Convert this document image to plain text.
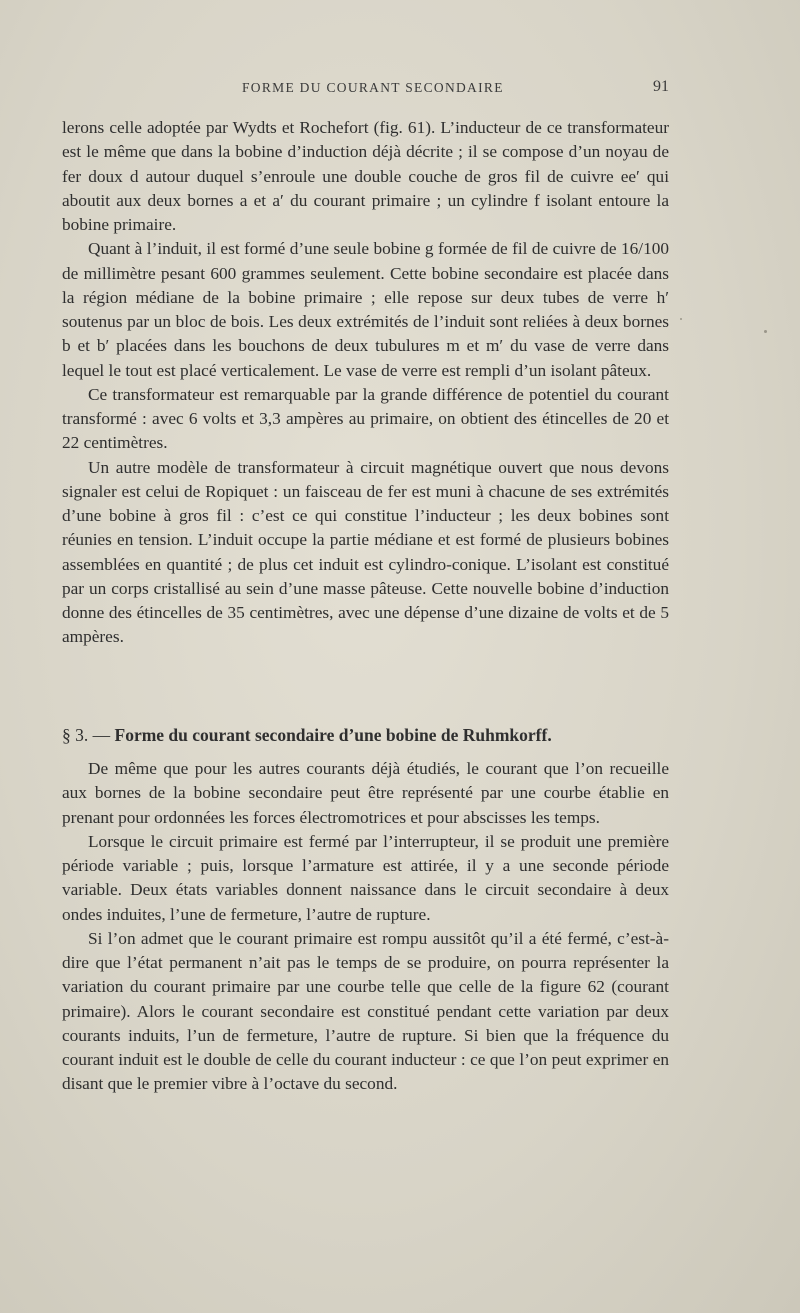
FORME DU COURANT SECONDAIRE	91

lerons celle adoptée par Wydts et Rochefort (fig. 61). L’inducteur de ce transformateur est le même que dans la bobine d’induction déjà décrite ; il se compose d’un noyau de fer doux d autour duquel s’enroule une double couche de gros fil de cuivre ee′ qui aboutit aux deux bornes a et a′ du courant primaire ; un cylindre f isolant entoure la bobine primaire.

Quant à l’induit, il est formé d’une seule bobine g formée de fil de cuivre de 16/100 de millimètre pesant 600 grammes seulement. Cette bobine secondaire est placée dans la région médiane de la bobine primaire ; elle repose sur deux tubes de verre h′ soutenus par un bloc de bois. Les deux extrémités de l’induit sont reliées à deux bornes b et b′ placées dans les bouchons de deux tubulures m et m′ du vase de verre dans lequel le tout est placé verticalement. Le vase de verre est rempli d’un isolant pâteux.

Ce transformateur est remarquable par la grande différence de potentiel du courant transformé : avec 6 volts et 3,3 ampères au primaire, on obtient des étincelles de 20 et 22 centimètres.

Un autre modèle de transformateur à circuit magnétique ouvert que nous devons signaler est celui de Ropiquet : un faisceau de fer est muni à chacune de ses extrémités d’une bobine à gros fil : c’est ce qui constitue l’inducteur ; les deux bobines sont réunies en tension. L’induit occupe la partie médiane et est formé de plusieurs bobines assemblées en quantité ; de plus cet induit est cylindro-conique. L’isolant est constitué par un corps cristallisé au sein d’une masse pâteuse. Cette nouvelle bobine d’induction donne des étincelles de 35 centimètres, avec une dépense d’une dizaine de volts et de 5 ampères.

§ 3. — Forme du courant secondaire d’une bobine de Ruhmkorff.

De même que pour les autres courants déjà étudiés, le courant que l’on recueille aux bornes de la bobine secondaire peut être représenté par une courbe établie en prenant pour ordonnées les forces électromotrices et pour abscisses les temps.

Lorsque le circuit primaire est fermé par l’interrupteur, il se produit une première période variable ; puis, lorsque l’armature est attirée, il y a une seconde période variable. Deux états variables donnent naissance dans le circuit secondaire à deux ondes induites, l’une de fermeture, l’autre de rupture.

Si l’on admet que le courant primaire est rompu aussitôt qu’il a été fermé, c’est-à-dire que l’état permanent n’ait pas le temps de se produire, on pourra représenter la variation du courant primaire par une courbe telle que celle de la figure 62 (courant primaire). Alors le courant secondaire est constitué pendant cette variation par deux courants induits, l’un de fermeture, l’autre de rupture. Si bien que la fréquence du courant induit est le double de celle du courant inducteur : ce que l’on peut exprimer en disant que le premier vibre à l’octave du second.
